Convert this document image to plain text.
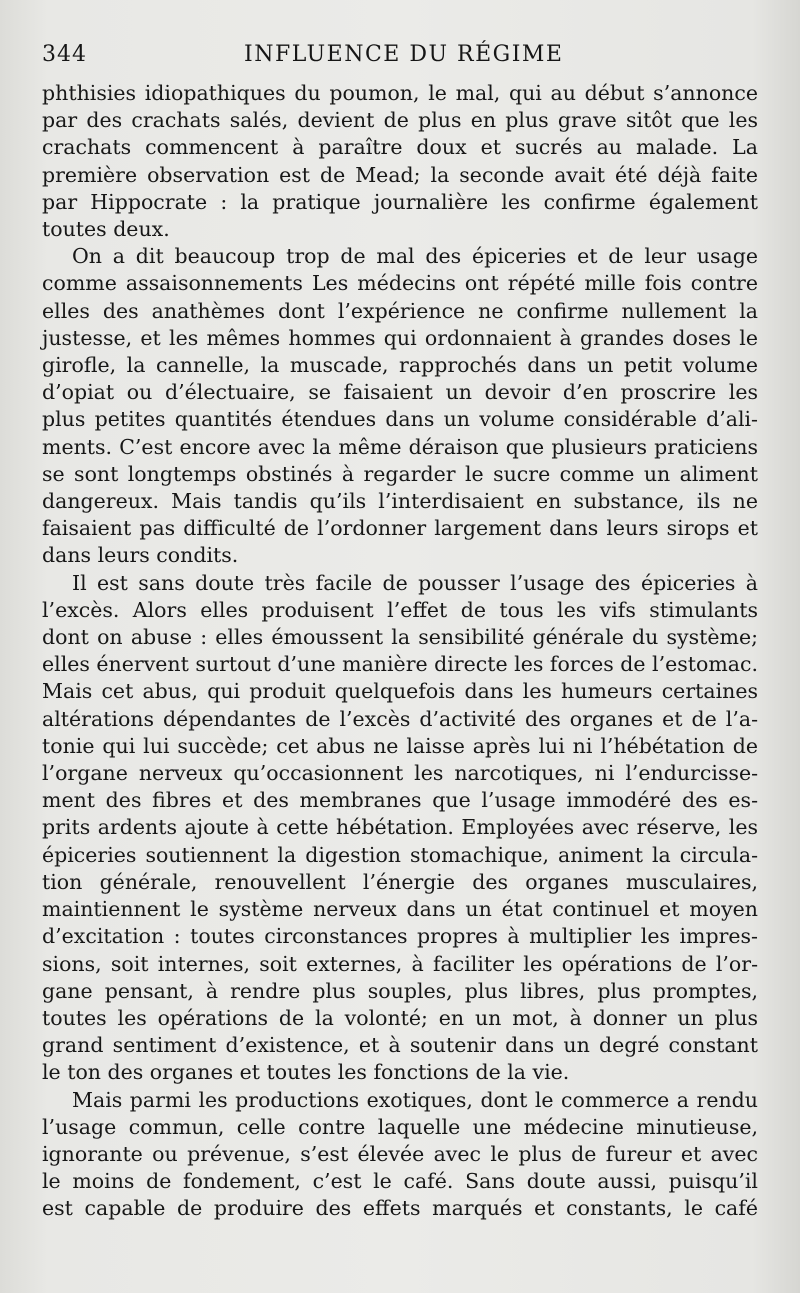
344	INFLUENCE DU RÉGIME
phthisies idiopathiques du poumon, le mal, qui au début s’annonce
par des crachats salés, devient de plus en plus grave sitôt que les
crachats commencent à paraître doux et sucrés au malade. La
première observation est de Mead; la seconde avait été déjà faite
par Hippocrate : la pratique journalière les confirme également
toutes deux.
On a dit beaucoup trop de mal des épiceries et de leur usage
comme assaisonnements Les médecins ont répété mille fois contre
elles des anathèmes dont l’expérience ne confirme nullement la
justesse, et les mêmes hommes qui ordonnaient à grandes doses le
girofle, la cannelle, la muscade, rapprochés dans un petit volume
d’opiat ou d’électuaire, se faisaient un devoir d’en proscrire les
plus petites quantités étendues dans un volume considérable d’ali-
ments. C’est encore avec la même déraison que plusieurs praticiens
se sont longtemps obstinés à regarder le sucre comme un aliment
dangereux. Mais tandis qu’ils l’interdisaient en substance, ils ne
faisaient pas difficulté de l’ordonner largement dans leurs sirops et
dans leurs condits.
Il est sans doute très facile de pousser l’usage des épiceries à
l’excès. Alors elles produisent l’effet de tous les vifs stimulants
dont on abuse : elles émoussent la sensibilité générale du système;
elles énervent surtout d’une manière directe les forces de l’estomac.
Mais cet abus, qui produit quelquefois dans les humeurs certaines
altérations dépendantes de l’excès d’activité des organes et de l’a-
tonie qui lui succède; cet abus ne laisse après lui ni l’hébétation de
l’organe nerveux qu’occasionnent les narcotiques, ni l’endurcisse-
ment des fibres et des membranes que l’usage immodéré des es-
prits ardents ajoute à cette hébétation. Employées avec réserve, les
épiceries soutiennent la digestion stomachique, animent la circula-
tion générale, renouvellent l’énergie des organes musculaires,
maintiennent le système nerveux dans un état continuel et moyen
d’excitation : toutes circonstances propres à multiplier les impres-
sions, soit internes, soit externes, à faciliter les opérations de l’or-
gane pensant, à rendre plus souples, plus libres, plus promptes,
toutes les opérations de la volonté; en un mot, à donner un plus
grand sentiment d’existence, et à soutenir dans un degré constant
le ton des organes et toutes les fonctions de la vie.
Mais parmi les productions exotiques, dont le commerce a rendu
l’usage commun, celle contre laquelle une médecine minutieuse,
ignorante ou prévenue, s’est élevée avec le plus de fureur et avec
le moins de fondement, c’est le café. Sans doute aussi, puisqu’il
est capable de produire des effets marqués et constants, le café
